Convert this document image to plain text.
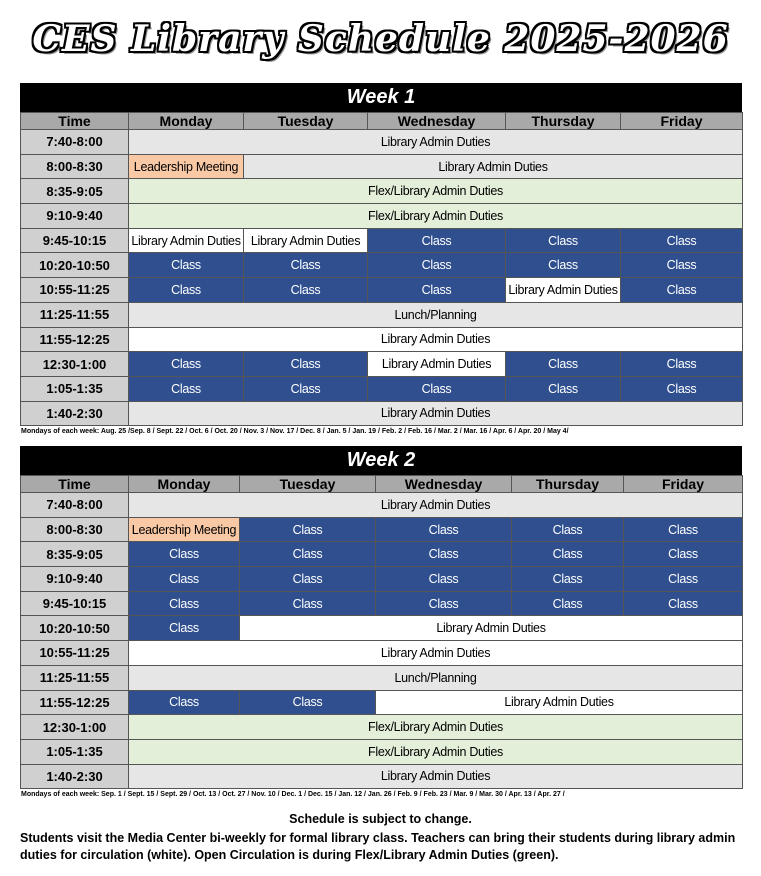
CES Library Schedule 2025-2026
Week 1
Time	Monday	Tuesday	Wednesday	Thursday	Friday
7:40-8:00	Library Admin Duties				
8:00-8:30	Leadership Meeting	Library Admin Duties			
8:35-9:05	Flex/Library Admin Duties				
9:10-9:40	Flex/Library Admin Duties				
9:45-10:15	Library Admin Duties	Library Admin Duties	Class	Class	Class
10:20-10:50	Class	Class	Class	Class	Class
10:55-11:25	Class	Class	Class	Library Admin Duties	Class
11:25-11:55	Lunch/Planning				
11:55-12:25	Library Admin Duties				
12:30-1:00	Class	Class	Library Admin Duties	Class	Class
1:05-1:35	Class	Class	Class	Class	Class
1:40-2:30	Library Admin Duties				
Mondays of each week: Aug. 25 /Sep. 8 / Sept. 22 / Oct. 6 / Oct. 20 / Nov. 3 / Nov. 17 / Dec. 8 / Jan. 5 / Jan. 19 / Feb. 2 / Feb. 16 / Mar. 2 / Mar. 16 / Apr. 6 / Apr. 20 / May 4/
Week 2
Time	Monday	Tuesday	Wednesday	Thursday	Friday
7:40-8:00	Library Admin Duties				
8:00-8:30	Leadership Meeting	Class	Class	Class	Class
8:35-9:05	Class	Class	Class	Class	Class
9:10-9:40	Class	Class	Class	Class	Class
9:45-10:15	Class	Class	Class	Class	Class
10:20-10:50	Class	Library Admin Duties			
10:55-11:25	Library Admin Duties				
11:25-11:55	Lunch/Planning				
11:55-12:25	Class	Class	Library Admin Duties		
12:30-1:00	Flex/Library Admin Duties				
1:05-1:35	Flex/Library Admin Duties				
1:40-2:30	Library Admin Duties				
Mondays of each week: Sep. 1 / Sept. 15 / Sept. 29 / Oct. 13 / Oct. 27 / Nov. 10 / Dec. 1 / Dec. 15 / Jan. 12 / Jan. 26 / Feb. 9 / Feb. 23 / Mar. 9 / Mar. 30 / Apr. 13 / Apr. 27 /
Schedule is subject to change.
Students visit the Media Center bi-weekly for formal library class. Teachers can bring their students during library admin duties for circulation (white). Open Circulation is during Flex/Library Admin Duties (green).
